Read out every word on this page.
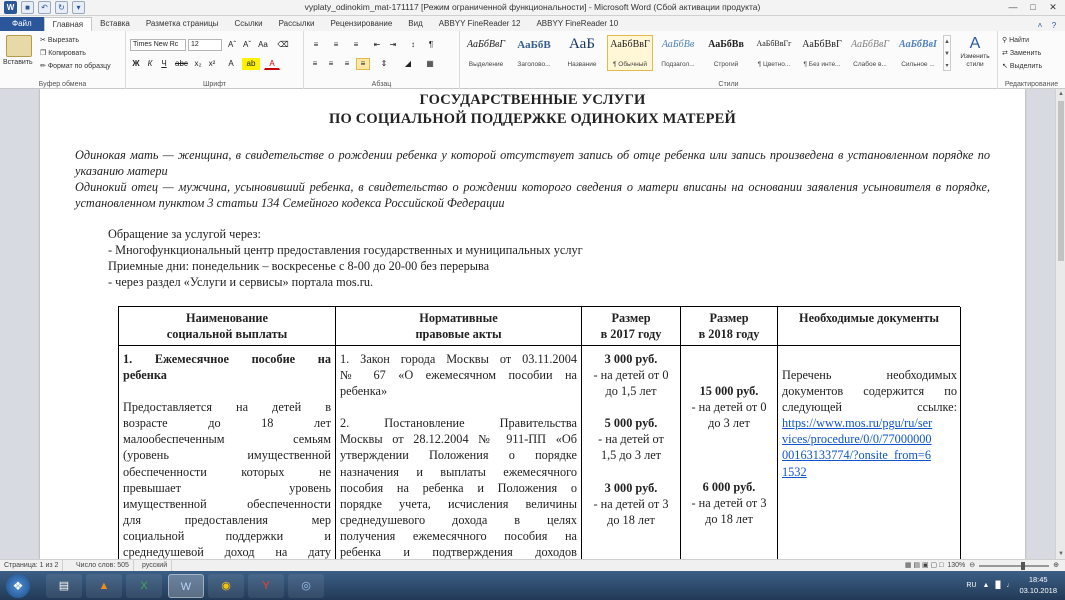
W	■	↶	↻	▾	vyplaty_odinokim_mat-171117 [Режим ограниченной функциональности] - Microsoft Word (Сбой активации продукта)	—	□	✕
Файл	Главная	Вставка	Разметка страницы	Ссылки	Рассылки	Рецензирование	Вид	ABBYY FineReader 12	ABBYY FineReader 10	˄	?
Вставить
✂ Вырезать
❐ Копировать
✏ Формат по образцу
Буфер обмена
Times New Rc	12	Aˆ Aˇ Aa ⌫
Ж	К	Ч	abc x₂ x²	A	ab	A
Шрифт
≡	≡	≡	⇤	⇥	↕	¶
≡	≡	≡	≡	⇕	◢	▦
Абзац
АаБбВвГ
Выделение
АаБбВ
Заголово...
АаБ
Название
АаБбВвГ
¶ Обычный
АаБбВв
Подзагол...
АаБбВв
Строгий
АаБбВвГг
¶ Цветно...
АаБбВвГ
¶ Без инте...
АаБбВвГ
Слабое в...
АаБбВвІ
Сильное ...
▲
▼
▾
A
Изменить стили
Стили
⚲ Найти
⇄ Заменить
↖ Выделить
Редактирование
ГОСУДАРСТВЕННЫЕ УСЛУГИ
ПО СОЦИАЛЬНОЙ ПОДДЕРЖКЕ ОДИНОКИХ МАТЕРЕЙ
Одинокая мать — женщина, в свидетельстве о рождении ребенка у которой отсутствует запись об отце ребенка или запись произведена в установленном порядке по указанию матери
Одинокий отец — мужчина, усыновивший ребенка, в свидетельство о рождении которого сведения о матери вписаны на основании заявления усыновителя в порядке, установленном пунктом 3 статьи 134 Семейного кодекса Российской Федерации
Обращение за услугой через:
- Многофункциональный центр предоставления государственных и муниципальных услуг
Приемные дни: понедельник – воскресенье с 8-00 до 20-00 без перерыва
- через раздел «Услуги и сервисы» портала mos.ru.
Наименование
социальной выплаты
Нормативные
правовые акты
Размер
в 2017 году
Размер
в 2018 году
Необходимые документы
1. Ежемесячное пособие на
ребенка
Предоставляется на детей в
возрасте до 18 лет
малообеспеченным семьям
(уровень имущественной
обеспеченности которых не
превышает уровень
имущественной обеспеченности
для предоставления мер
социальной поддержки и
среднедушевой доход на дату
1. Закон города Москвы от 03.11.2004
№ 67 «О ежемесячном пособии на
ребенка»
2. Постановление Правительства
Москвы от 28.12.2004 № 911-ПП «Об
утверждении Положения о порядке
назначения и выплаты ежемесячного
пособия на ребенка и Положения о
порядке учета, исчисления величины
среднедушевого дохода в целях
получения ежемесячного пособия на
ребенка и подтверждения доходов
3 000 руб.
- на детей от 0
до 1,5 лет
5 000 руб.
- на детей от
1,5 до 3 лет
3 000 руб.
- на детей от 3
до 18 лет
15 000 руб.
- на детей от 0
до 3 лет
6 000 руб.
- на детей от 3
до 18 лет
Перечень необходимых
документов содержится по
следующей ссылке:
https://www.mos.ru/pgu/ru/ser
vices/procedure/0/0/77000000
00163133774/?onsite_from=6
1532
▲
▼
Страница: 1 из 2	Число слов: 505	русский	▦ ▤ ▣ ▢ □ 130% ⊖	⊕
❖	▤	▲	X	W	◉	Y	◎	RU ▲ █ ♩
18:45
03.10.2018
